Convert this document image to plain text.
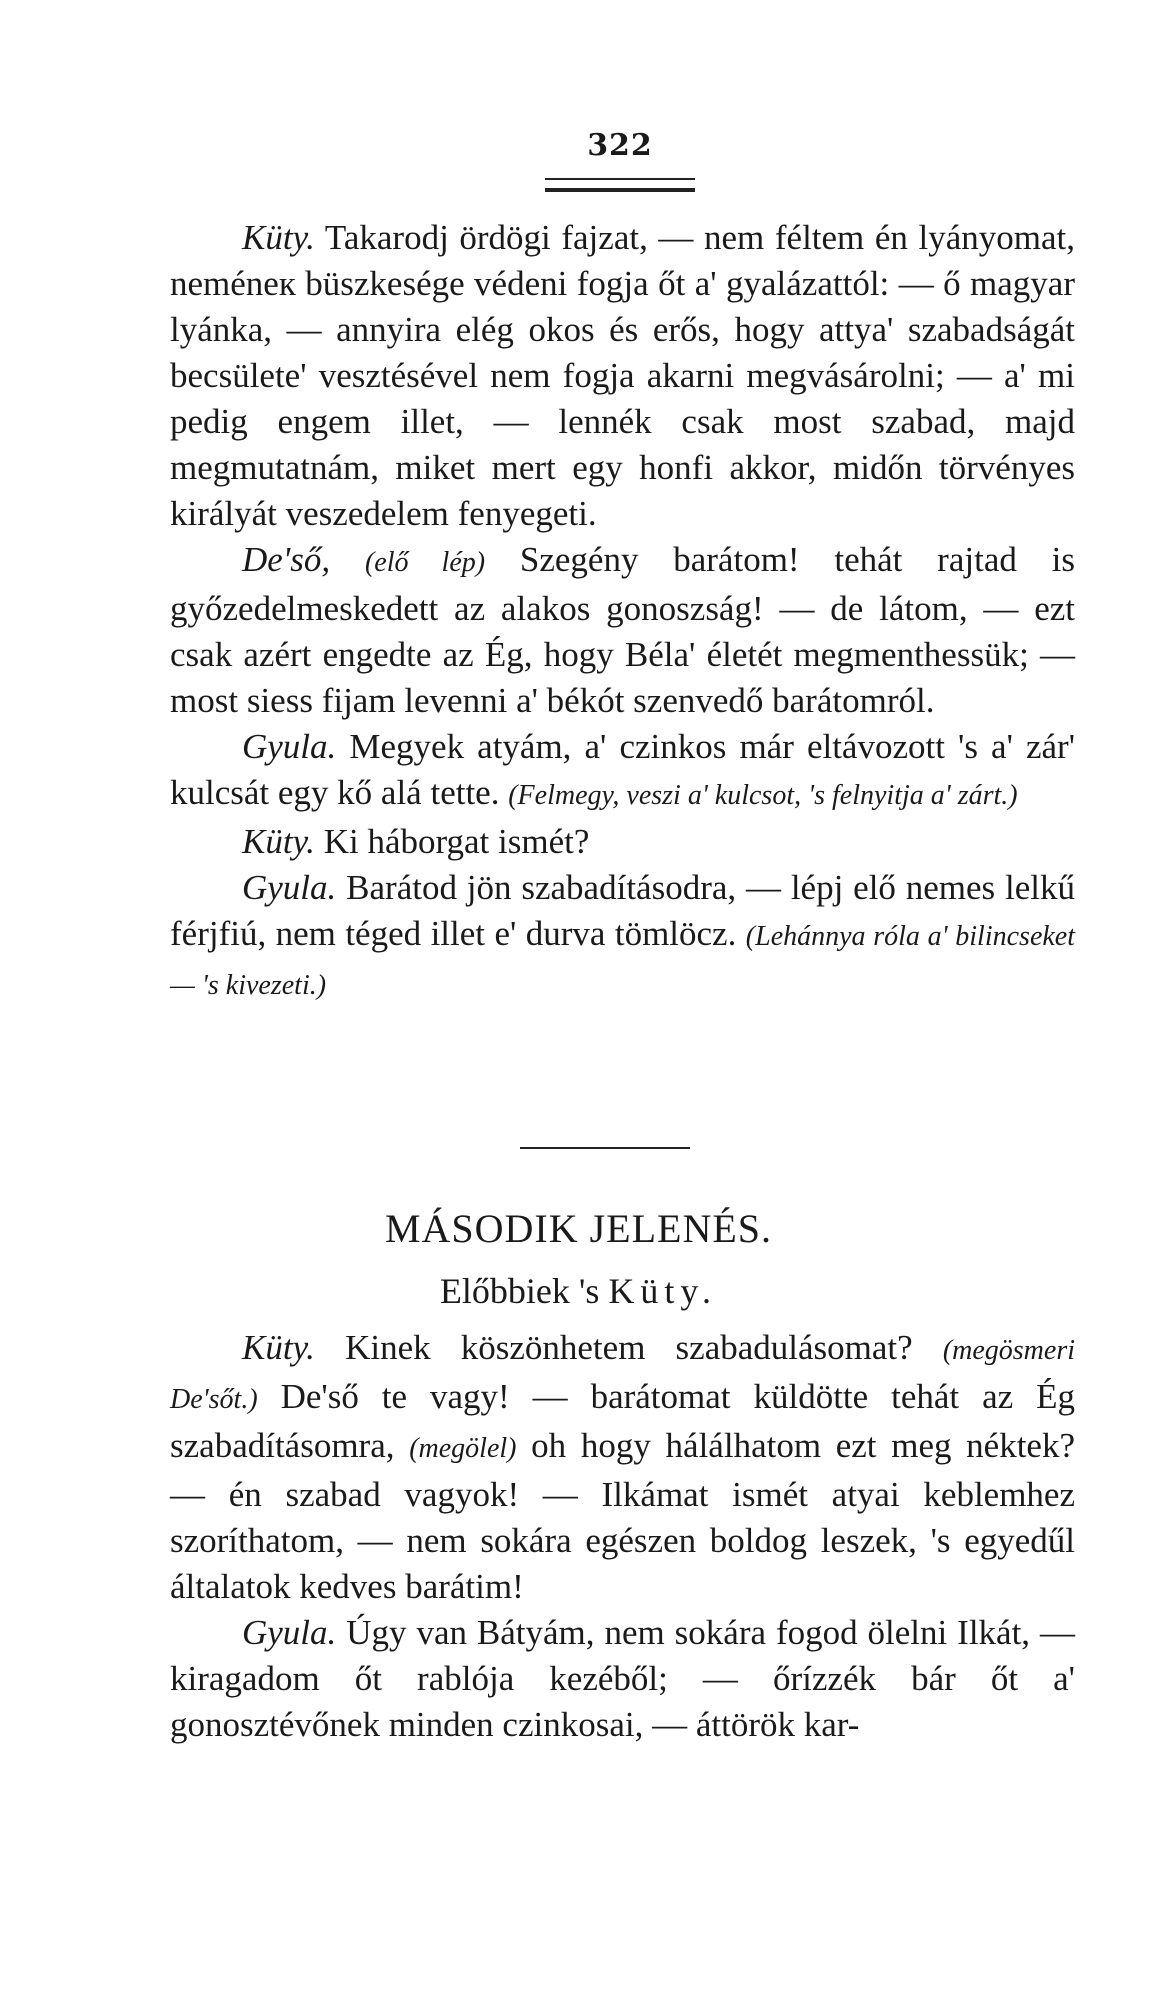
322

Küty. Takarodj ördögi fajzat, — nem féltem én lyányomat, neméneк büszkesége védeni fogja őt a' gyalázattól: — ő magyar lyánka, — annyira elég okos és erős, hogy attya' szabadságát becsülete' vesztésével nem fogja akarni megvásárolni; — a' mi pedig engem illet, — lennék csak most szabad, majd megmutatnám, miket mert egy honfi akkor, midőn törvényes királyát veszedelem fenyegeti.

De'ső, (elő lép) Szegény barátom! tehát rajtad is győzedelmeskedett az alakos gonoszság! — de látom, — ezt csak azért engedte az Ég, hogy Béla' életét megmenthessük; — most siess fijam levenni a' békót szenvedő barátomról.

Gyula. Megyek atyám, a' czinkos már eltávozott 's a' zár' kulcsát egy kő alá tette. (Felmegy, veszi a' kulcsot, 's felnyitja a' zárt.)

Küty. Ki háborgat ismét?

Gyula. Barátod jön szabadításodra, — lépj elő nemes lelkű férjfiú, nem téged illet e' durva tömlöcz. (Lehánnya róla a' bilincseket — 's kivezeti.)

MÁSODIK JELENÉS.
Előbbiek 's Küty.

Küty. Kinek köszönhetem szabadulásomat? (megösmeri De'sőt.) De'ső te vagy! — barátomat küldötte tehát az Ég szabadításomra, (megölel) oh hogy hálálhatom ezt meg néktek? — én szabad vagyok! — Ilkámat ismét atyai keblemhez szoríthatom, — nem sokára egészen boldog leszek, 's egyedűl általatok kedves barátim!

Gyula. Úgy van Bátyám, nem sokára fogod ölelni Ilkát, — kiragadom őt rablója kezéből; — őrízzék bár őt a' gonosztévőnek minden czinkosai, — áttörök kar-
